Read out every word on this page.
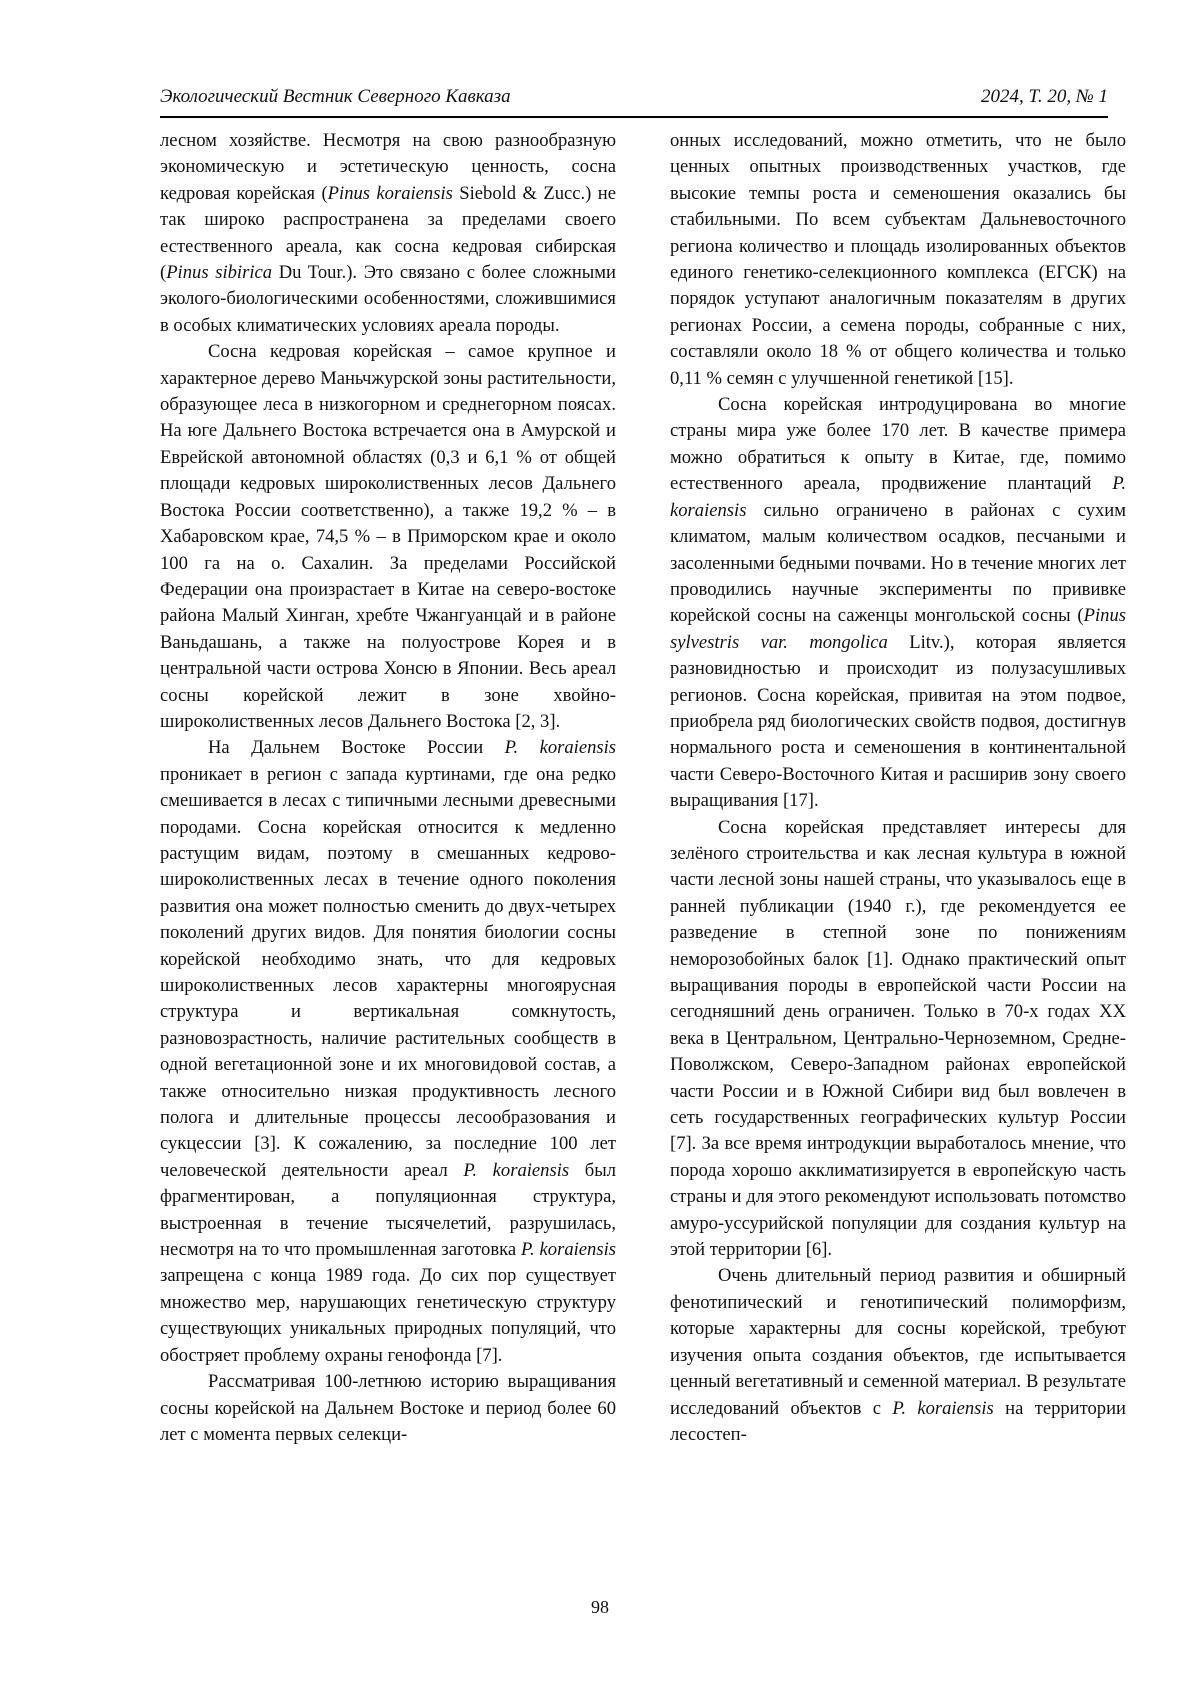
Экологический Вестник Северного Кавказа	2024, Т. 20, № 1

лесном хозяйстве. Несмотря на свою разнообразную экономическую и эстетическую ценность, сосна кедровая корейская (Pinus koraiensis Siebold & Zucc.) не так широко распространена за пределами своего естественного ареала, как сосна кедровая сибирская (Pinus sibirica Du Tour.). Это связано с более сложными эколого-биологическими особенностями, сложившимися в особых климатических условиях ареала породы.

Сосна кедровая корейская – самое крупное и характерное дерево Маньчжурской зоны растительности, образующее леса в низкогорном и среднегорном поясах. На юге Дальнего Востока встречается она в Амурской и Еврейской автономной областях (0,3 и 6,1 % от общей площади кедровых широколиственных лесов Дальнего Востока России соответственно), а также 19,2 % – в Хабаровском крае, 74,5 % – в Приморском крае и около 100 га на о. Сахалин. За пределами Российской Федерации она произрастает в Китае на северо-востоке района Малый Хинган, хребте Чжангуанцай и в районе Ваньдашань, а также на полуострове Корея и в центральной части острова Хонсю в Японии. Весь ареал сосны корейской лежит в зоне хвойно-широколиственных лесов Дальнего Востока [2, 3].

На Дальнем Востоке России P. koraiensis проникает в регион с запада куртинами, где она редко смешивается в лесах с типичными лесными древесными породами. Сосна корейская относится к медленно растущим видам, поэтому в смешанных кедрово-широколиственных лесах в течение одного поколения развития она может полностью сменить до двух-четырех поколений других видов. Для понятия биологии сосны корейской необходимо знать, что для кедровых широколиственных лесов характерны многоярусная структура и вертикальная сомкнутость, разновозрастность, наличие растительных сообществ в одной вегетационной зоне и их многовидовой состав, а также относительно низкая продуктивность лесного полога и длительные процессы лесообразования и сукцессии [3]. К сожалению, за последние 100 лет человеческой деятельности ареал P. koraiensis был фрагментирован, а популяционная структура, выстроенная в течение тысячелетий, разрушилась, несмотря на то что промышленная заготовка P. koraiensis запрещена с конца 1989 года. До сих пор существует множество мер, нарушающих генетическую структуру существующих уникальных природных популяций, что обостряет проблему охраны генофонда [7].

Рассматривая 100-летнюю историю выращивания сосны корейской на Дальнем Востоке и период более 60 лет с момента первых селекци-

онных исследований, можно отметить, что не было ценных опытных производственных участков, где высокие темпы роста и семеношения оказались бы стабильными. По всем субъектам Дальневосточного региона количество и площадь изолированных объектов единого генетико-селекционного комплекса (ЕГСК) на порядок уступают аналогичным показателям в других регионах России, а семена породы, собранные с них, составляли около 18 % от общего количества и только 0,11 % семян с улучшенной генетикой [15].

Сосна корейская интродуцирована во многие страны мира уже более 170 лет. В качестве примера можно обратиться к опыту в Китае, где, помимо естественного ареала, продвижение плантаций P. koraiensis сильно ограничено в районах с сухим климатом, малым количеством осадков, песчаными и засоленными бедными почвами. Но в течение многих лет проводились научные эксперименты по прививке корейской сосны на саженцы монгольской сосны (Pinus sylvestris var. mongolica Litv.), которая является разновидностью и происходит из полузасушливых регионов. Сосна корейская, привитая на этом подвое, приобрела ряд биологических свойств подвоя, достигнув нормального роста и семеношения в континентальной части Северо-Восточного Китая и расширив зону своего выращивания [17].

Сосна корейская представляет интересы для зелёного строительства и как лесная культура в южной части лесной зоны нашей страны, что указывалось еще в ранней публикации (1940 г.), где рекомендуется ее разведение в степной зоне по понижениям неморозобойных балок [1]. Однако практический опыт выращивания породы в европейской части России на сегодняшний день ограничен. Только в 70-х годах XX века в Центральном, Центрально-Черноземном, Средне-Поволжском, Северо-Западном районах европейской части России и в Южной Сибири вид был вовлечен в сеть государственных географических культур России [7]. За все время интродукции выработалось мнение, что порода хорошо акклиматизируется в европейскую часть страны и для этого рекомендуют использовать потомство амуро-уссурийской популяции для создания культур на этой территории [6].

Очень длительный период развития и обширный фенотипический и генотипический полиморфизм, которые характерны для сосны корейской, требуют изучения опыта создания объектов, где испытывается ценный вегетативный и семенной материал. В результате исследований объектов с P. koraiensis на территории лесостеп-

98
